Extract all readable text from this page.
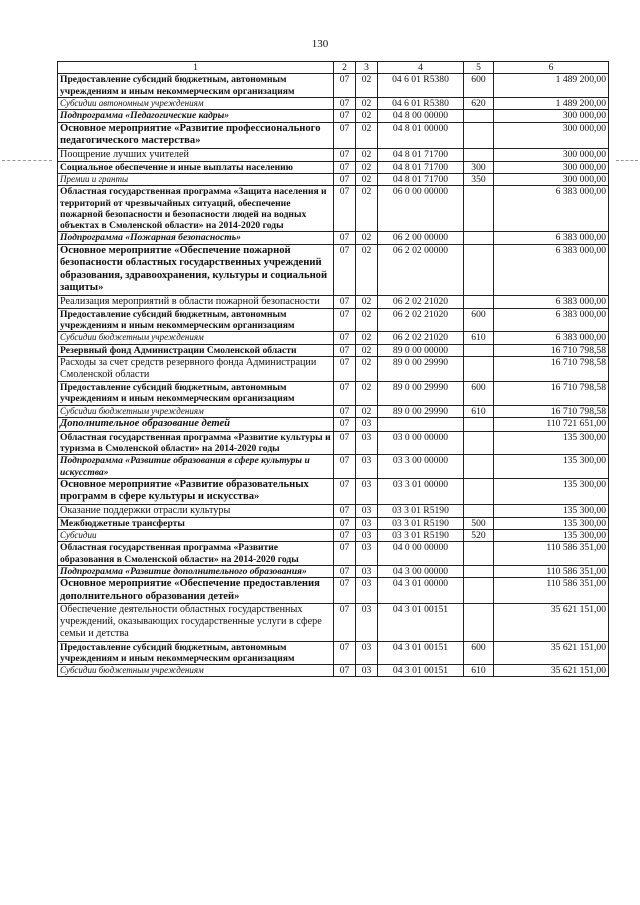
130
1	2	3	4	5	6
Предоставление субсидий бюджетным, автономным учреждениям и иным некоммерческим организациям	07	02	04 6 01 R5380	600	1 489 200,00
Субсидии автономным учреждениям	07	02	04 6 01 R5380	620	1 489 200,00
Подпрограмма «Педагогические кадры»	07	02	04 8 00 00000		300 000,00
Основное мероприятие «Развитие профессионального педагогического мастерства»	07	02	04 8 01 00000		300 000,00
Поощрение лучших учителей	07	02	04 8 01 71700		300 000,00
Социальное обеспечение и иные выплаты населению	07	02	04 8 01 71700	300	300 000,00
Премии и гранты	07	02	04 8 01 71700	350	300 000,00
Областная государственная программа «Защита населения и территорий от чрезвычайных ситуаций, обеспечение пожарной безопасности и безопасности людей на водных объектах в Смоленской области» на 2014-2020 годы	07	02	06 0 00 00000		6 383 000,00
Подпрограмма «Пожарная безопасность»	07	02	06 2 00 00000		6 383 000,00
Основное мероприятие «Обеспечение пожарной безопасности областных государственных учреждений образования, здравоохранения, культуры и социальной защиты»	07	02	06 2 02 00000		6 383 000,00
Реализация мероприятий в области пожарной безопасности	07	02	06 2 02 21020		6 383 000,00
Предоставление субсидий бюджетным, автономным учреждениям и иным некоммерческим организациям	07	02	06 2 02 21020	600	6 383 000,00
Субсидии бюджетным учреждениям	07	02	06 2 02 21020	610	6 383 000,00
Резервный фонд Администрации Смоленской области	07	02	89 0 00 00000		16 710 798,58
Расходы за счет средств резервного фонда Администрации Смоленской области	07	02	89 0 00 29990		16 710 798,58
Предоставление субсидий бюджетным, автономным учреждениям и иным некоммерческим организациям	07	02	89 0 00 29990	600	16 710 798,58
Субсидии бюджетным учреждениям	07	02	89 0 00 29990	610	16 710 798,58
Дополнительное образование детей	07	03			110 721 651,00
Областная государственная программа «Развитие культуры и туризма в Смоленской области» на 2014-2020 годы	07	03	03 0 00 00000		135 300,00
Подпрограмма «Развитие образования в сфере культуры и искусства»	07	03	03 3 00 00000		135 300,00
Основное мероприятие «Развитие образовательных программ в сфере культуры и искусства»	07	03	03 3 01 00000		135 300,00
Оказание поддержки отрасли культуры	07	03	03 3 01 R5190		135 300,00
Межбюджетные трансферты	07	03	03 3 01 R5190	500	135 300,00
Субсидии	07	03	03 3 01 R5190	520	135 300,00
Областная государственная программа «Развитие образования в Смоленской области» на 2014-2020 годы	07	03	04 0 00 00000		110 586 351,00
Подпрограмма «Развитие дополнительного образования»	07	03	04 3 00 00000		110 586 351,00
Основное мероприятие «Обеспечение предоставления дополнительного образования детей»	07	03	04 3 01 00000		110 586 351,00
Обеспечение деятельности областных государственных учреждений, оказывающих государственные услуги в сфере семьи и детства	07	03	04 3 01 00151		35 621 151,00
Предоставление субсидий бюджетным, автономным учреждениям и иным некоммерческим организациям	07	03	04 3 01 00151	600	35 621 151,00
Субсидии бюджетным учреждениям	07	03	04 3 01 00151	610	35 621 151,00
